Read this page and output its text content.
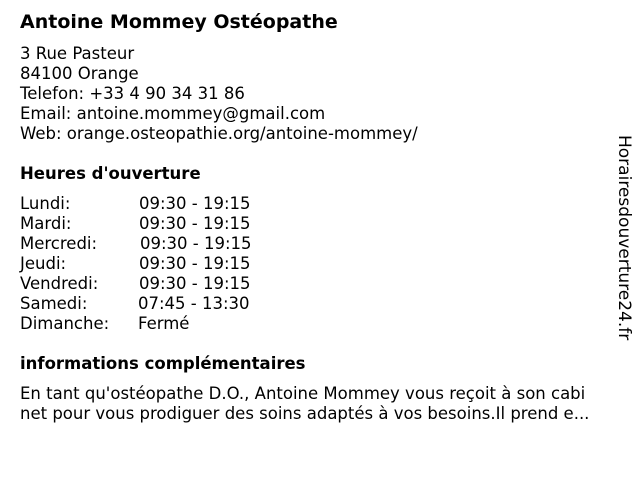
Antoine Mommey Ostéopathe
3 Rue Pasteur
84100 Orange
Telefon: +33 4 90 34 31 86
Email: antoine.mommey@gmail.com
Web: orange.osteopathie.org/antoine-mommey/
Heures d'ouverture
Lundi:	09:30 - 19:15
Mardi:	09:30 - 19:15
Mercredi:	09:30 - 19:15
Jeudi:	09:30 - 19:15
Vendredi: 09:30 - 19:15
Samedi:	07:45 - 13:30
Dimanche: Fermé
informations complémentaires
En tant qu'ostéopathe D.O., Antoine Mommey vous reçoit à son cabi
net pour vous prodiguer des soins adaptés à vos besoins.Il prend e...
Horairesdouverture24.fr
